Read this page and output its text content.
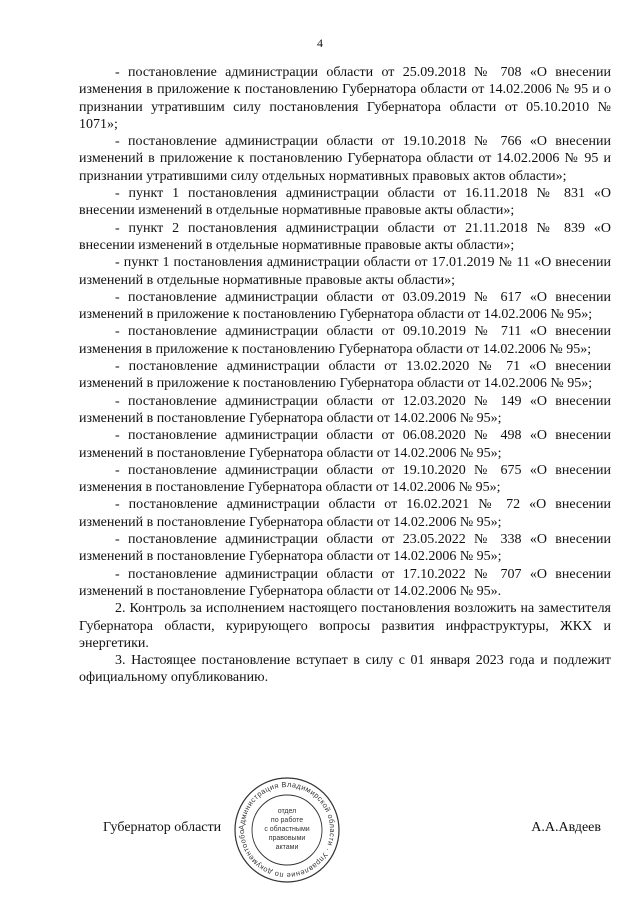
4

- постановление администрации области от 25.09.2018 № 708 «О внесении изменения в приложение к постановлению Губернатора области от 14.02.2006 № 95 и о признании утратившим силу постановления Губернатора области от 05.10.2010 № 1071»;

- постановление администрации области от 19.10.2018 № 766 «О внесении изменений в приложение к постановлению Губернатора области от 14.02.2006 № 95 и признании утратившими силу отдельных нормативных правовых актов области»;

- пункт 1 постановления администрации области от 16.11.2018 № 831 «О внесении изменений в отдельные нормативные правовые акты области»;

- пункт 2 постановления администрации области от 21.11.2018 № 839 «О внесении изменений в отдельные нормативные правовые акты области»;

- пункт 1 постановления администрации области от 17.01.2019 № 11 «О внесении изменений в отдельные нормативные правовые акты области»;

- постановление администрации области от 03.09.2019 № 617 «О внесении изменений в приложение к постановлению Губернатора области от 14.02.2006 № 95»;

- постановление администрации области от 09.10.2019 № 711 «О внесении изменения в приложение к постановлению Губернатора области от 14.02.2006 № 95»;

- постановление администрации области от 13.02.2020 № 71 «О внесении изменений в приложение к постановлению Губернатора области от 14.02.2006 № 95»;

- постановление администрации области от 12.03.2020 № 149 «О внесении изменений в постановление Губернатора области от 14.02.2006 № 95»;

- постановление администрации области от 06.08.2020 № 498 «О внесении изменений в постановление Губернатора области от 14.02.2006 № 95»;

- постановление администрации области от 19.10.2020 № 675 «О внесении изменения в постановление Губернатора области от 14.02.2006 № 95»;

- постановление администрации области от 16.02.2021 № 72 «О внесении изменений в постановление Губернатора области от 14.02.2006 № 95»;

- постановление администрации области от 23.05.2022 № 338 «О внесении изменений в постановление Губернатора области от 14.02.2006 № 95»;

- постановление администрации области от 17.10.2022 № 707 «О внесении изменений в постановление Губернатора области от 14.02.2006 № 95».

2. Контроль за исполнением настоящего постановления возложить на заместителя Губернатора области, курирующего вопросы развития инфраструктуры, ЖКХ и энергетики.

3. Настоящее постановление вступает в силу с 01 января 2023 года и подлежит официальному опубликованию.

Губернатор области	А.А.Авдеев
Администрация Владимирской области · Управление по документообо
отдел
по работе
с областными
правовыми
актами
